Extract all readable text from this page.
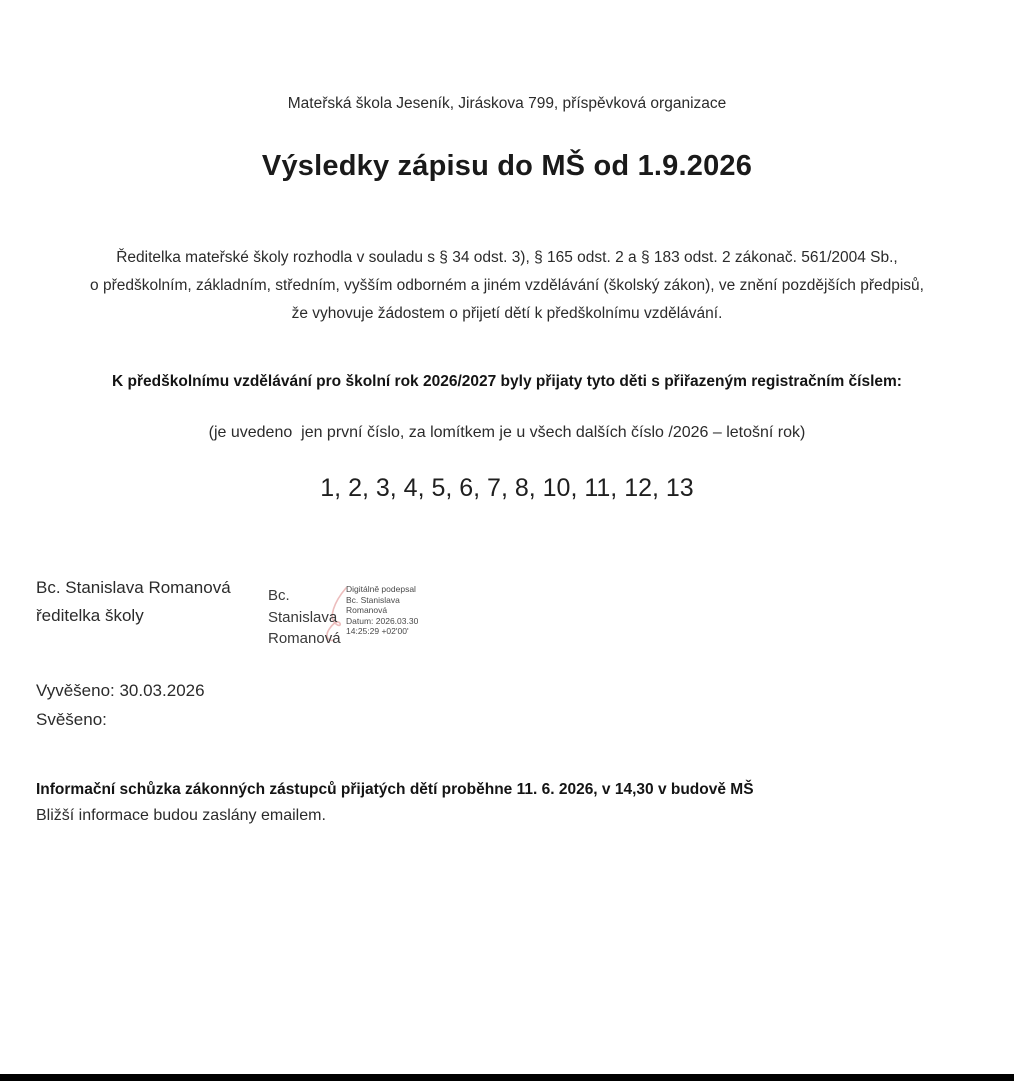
Mateřská škola Jeseník, Jiráskova 799, příspěvková organizace
Výsledky zápisu do MŠ od 1.9.2026
Ředitelka mateřské školy rozhodla v souladu s § 34 odst. 3), § 165 odst. 2 a § 183 odst. 2 zákonač. 561/2004 Sb.,
o předškolním, základním, středním, vyšším odborném a jiném vzdělávání (školský zákon), ve znění pozdějších předpisů,
že vyhovuje žádostem o přijetí dětí k předškolnímu vzdělávání.
K předškolnímu vzdělávání pro školní rok 2026/2027 byly přijaty tyto děti s přiřazeným registračním číslem:
(je uvedeno  jen první číslo, za lomítkem je u všech dalších číslo /2026 – letošní rok)
1, 2, 3, 4, 5, 6, 7, 8, 10, 11, 12, 13
Bc. Stanislava Romanová
ředitelka školy
Bc.
Stanislava
Romanová
Digitálně podepsal
Bc. Stanislava
Romanová
Datum: 2026.03.30
14:25:29 +02'00'
Vyvěšeno: 30.03.2026
Svěšeno:
Informační schůzka zákonných zástupců přijatých dětí proběhne 11. 6. 2026, v 14,30 v budově MŠ
Bližší informace budou zaslány emailem.
